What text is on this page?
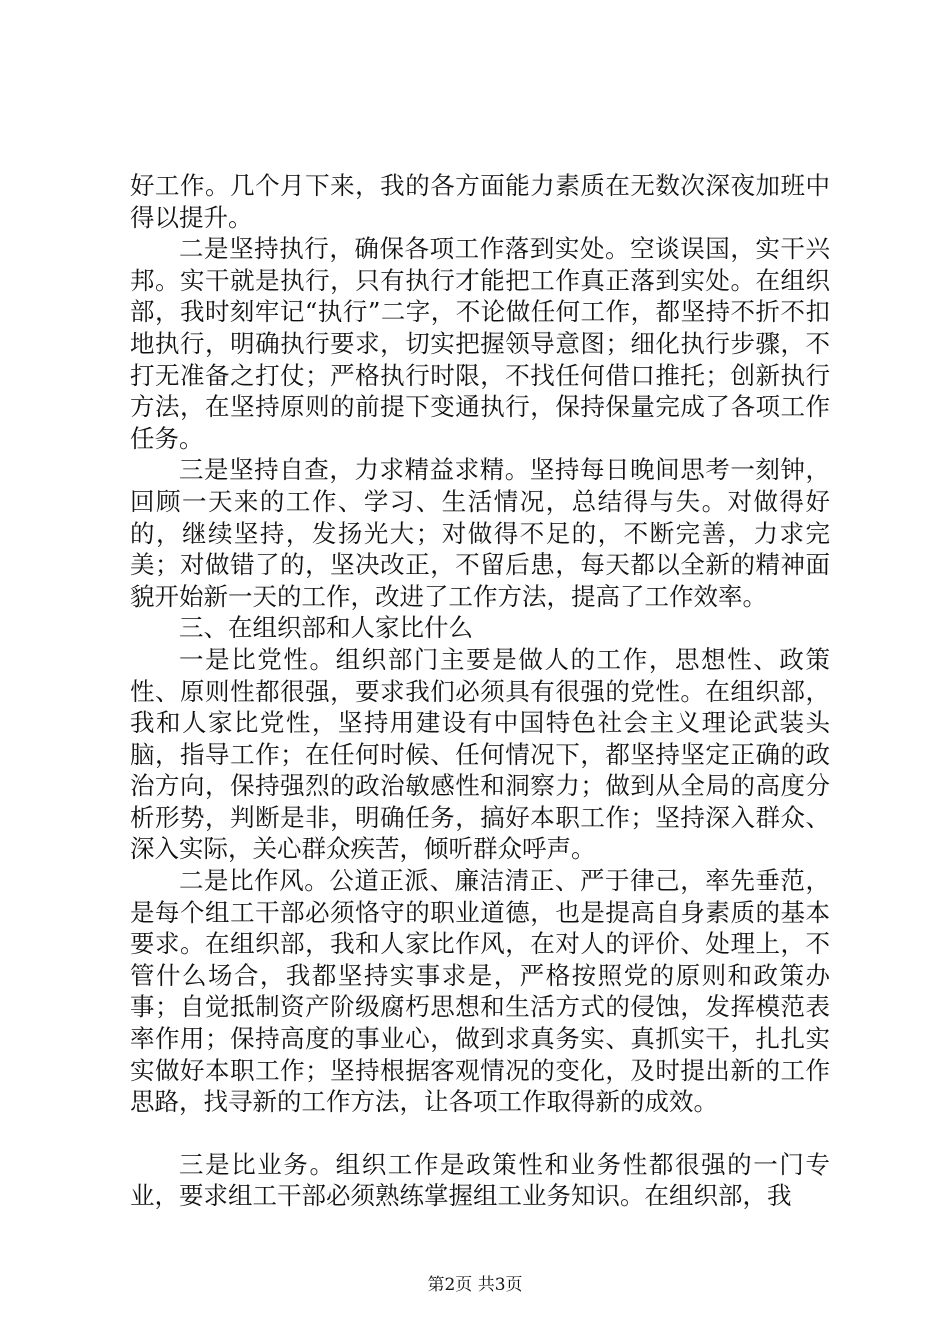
好工作。几个月下来，我的各方面能力素质在无数次深夜加班中得以提升。

二是坚持执行，确保各项工作落到实处。空谈误国，实干兴邦。实干就是执行，只有执行才能把工作真正落到实处。在组织部，我时刻牢记“执行”二字，不论做任何工作，都坚持不折不扣地执行，明确执行要求，切实把握领导意图；细化执行步骤，不打无准备之打仗；严格执行时限，不找任何借口推托；创新执行方法，在坚持原则的前提下变通执行，保持保量完成了各项工作任务。

三是坚持自查，力求精益求精。坚持每日晚间思考一刻钟，回顾一天来的工作、学习、生活情况，总结得与失。对做得好的，继续坚持，发扬光大；对做得不足的，不断完善，力求完美；对做错了的，坚决改正，不留后患，每天都以全新的精神面貌开始新一天的工作，改进了工作方法，提高了工作效率。

三、在组织部和人家比什么

一是比党性。组织部门主要是做人的工作，思想性、政策性、原则性都很强，要求我们必须具有很强的党性。在组织部，我和人家比党性，坚持用建设有中国特色社会主义理论武装头脑，指导工作；在任何时候、任何情况下，都坚持坚定正确的政治方向，保持强烈的政治敏感性和洞察力；做到从全局的高度分析形势，判断是非，明确任务，搞好本职工作；坚持深入群众、深入实际，关心群众疾苦，倾听群众呼声。

二是比作风。公道正派、廉洁清正、严于律己，率先垂范，是每个组工干部必须恪守的职业道德，也是提高自身素质的基本要求。在组织部，我和人家比作风，在对人的评价、处理上，不管什么场合，我都坚持实事求是，严格按照党的原则和政策办事；自觉抵制资产阶级腐朽思想和生活方式的侵蚀，发挥模范表率作用；保持高度的事业心，做到求真务实、真抓实干，扎扎实实做好本职工作；坚持根据客观情况的变化，及时提出新的工作思路，找寻新的工作方法，让各项工作取得新的成效。

三是比业务。组织工作是政策性和业务性都很强的一门专业，要求组工干部必须熟练掌握组工业务知识。在组织部，我

第2页 共3页
